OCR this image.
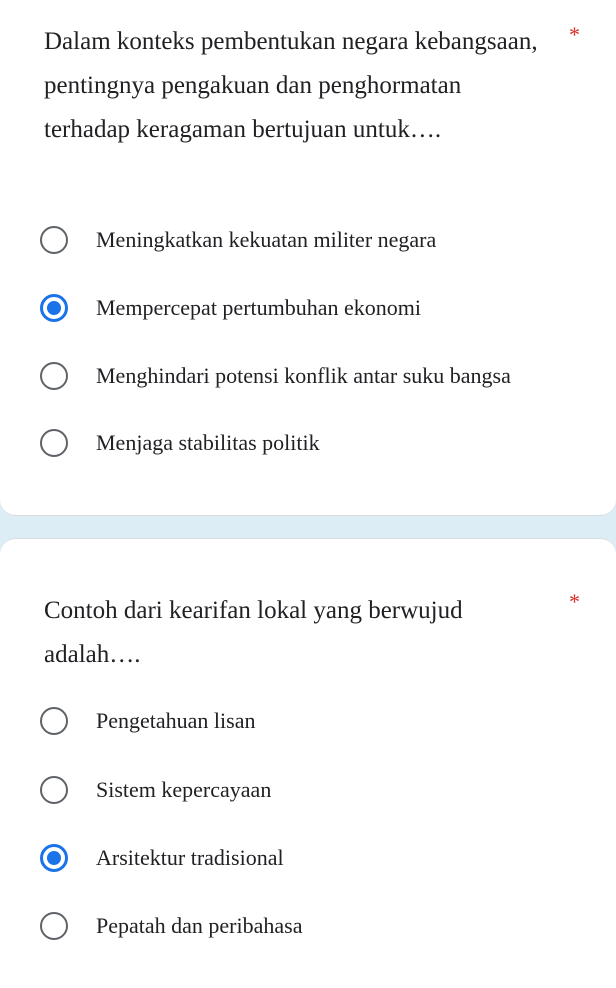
Dalam konteks pembentukan negara kebangsaan, pentingnya pengakuan dan penghormatan terhadap keragaman bertujuan untuk….
*
Meningkatkan kekuatan militer negara
Mempercepat pertumbuhan ekonomi
Menghindari potensi konflik antar suku bangsa
Menjaga stabilitas politik
Contoh dari kearifan lokal yang berwujud adalah….
*
Pengetahuan lisan
Sistem kepercayaan
Arsitektur tradisional
Pepatah dan peribahasa
